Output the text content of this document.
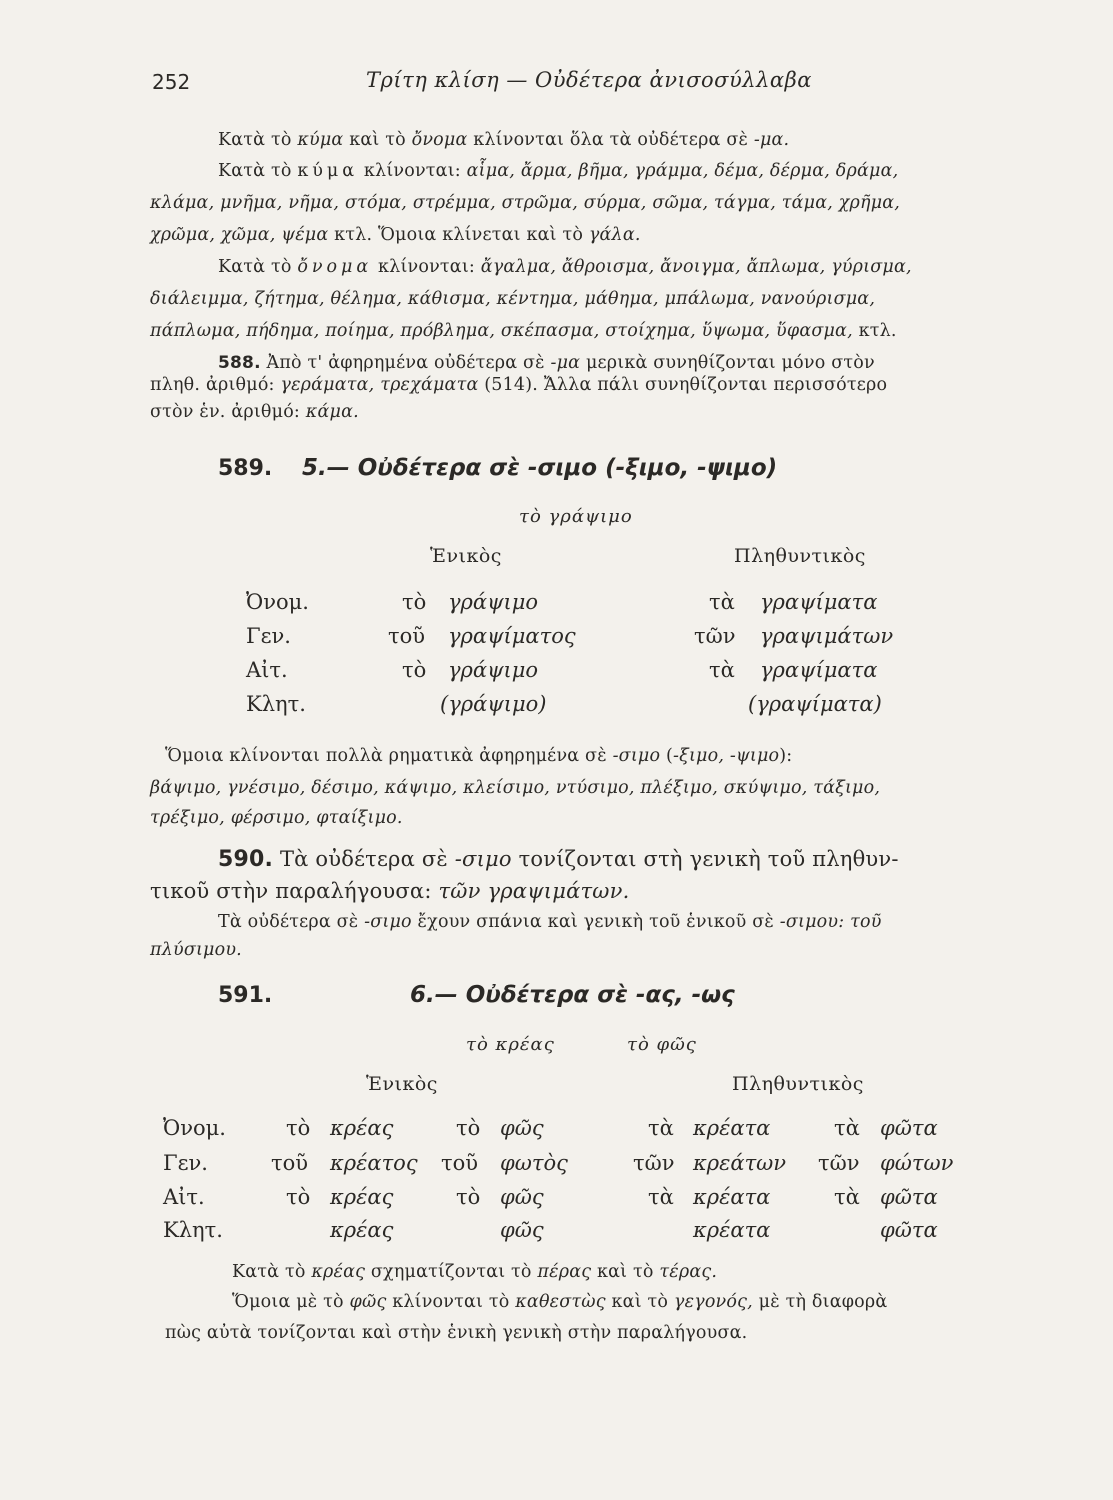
252	Τρίτη κλίση — Οὐδέτερα ἀνισοσύλλαβα
Κατὰ τὸ κύμα καὶ τὸ ὄνομα κλίνονται ὅλα τὰ οὐδέτερα σὲ -μα.
Κατὰ τὸ κύμα κλίνονται: αἷμα, ἄρμα, βῆμα, γράμμα, δέμα, δέρμα, δράμα,
κλάμα, μνῆμα, νῆμα, στόμα, στρέμμα, στρῶμα, σύρμα, σῶμα, τάγμα, τάμα, χρῆμα,
χρῶμα, χῶμα, ψέμα κτλ. Ὅμοια κλίνεται καὶ τὸ γάλα.
Κατὰ τὸ ὄνομα κλίνονται: ἄγαλμα, ἄθροισμα, ἄνοιγμα, ἄπλωμα, γύρισμα,
διάλειμμα, ζήτημα, θέλημα, κάθισμα, κέντημα, μάθημα, μπάλωμα, νανούρισμα,
πάπλωμα, πήδημα, ποίημα, πρόβλημα, σκέπασμα, στοίχημα, ὕψωμα, ὕφασμα, κτλ.
588. Ἀπὸ τ' ἀφηρημένα οὐδέτερα σὲ -μα μερικὰ συνηθίζονται μόνο στὸν
πληθ. ἀριθμό: γεράματα, τρεχάματα (514). Ἄλλα πάλι συνηθίζονται περισσότερο
στὸν ἑν. ἀριθμό: κάμα.
589. 5.— Οὐδέτερα σὲ -σιμο (-ξιμο, -ψιμο)
τὸ γράψιμο
Ἑνικὸς	Πληθυντικὸς
Ὀνομ.	τὸ γράψιμο	τὰ γραψίματα
Γεν.	τοῦ γραψίματος	τῶν γραψιμάτων
Αἰτ.	τὸ γράψιμο	τὰ γραψίματα
Κλητ.	(γράψιμο)	(γραψίματα)
Ὅμοια κλίνονται πολλὰ ρηματικὰ ἀφηρημένα σὲ -σιμο (-ξιμο, -ψιμο):
βάψιμο, γνέσιμο, δέσιμο, κάψιμο, κλείσιμο, ντύσιμο, πλέξιμο, σκύψιμο, τάξιμο,
τρέξιμο, φέρσιμο, φταίξιμο.
590. Τὰ οὐδέτερα σὲ -σιμο τονίζονται στὴ γενικὴ τοῦ πληθυν-
τικοῦ στὴν παραλήγουσα: τῶν γραψιμάτων.
Τὰ οὐδέτερα σὲ -σιμο ἔχουν σπάνια καὶ γενικὴ τοῦ ἑνικοῦ σὲ -σιμου: τοῦ
πλύσιμου.
591.	6.— Οὐδέτερα σὲ -ας, -ως
τὸ κρέας	τὸ φῶς
Ἑνικὸς	Πληθυντικὸς
Ὀνομ.	τὸ κρέας	τὸ φῶς	τὰ κρέατα	τὰ φῶτα
Γεν.	τοῦ κρέατος τοῦ φωτὸς	τῶν κρεάτων τῶν φώτων
Αἰτ.	τὸ κρέας	τὸ φῶς	τὰ κρέατα	τὰ φῶτα
Κλητ.	κρέας	φῶς	κρέατα	φῶτα
Κατὰ τὸ κρέας σχηματίζονται τὸ πέρας καὶ τὸ τέρας.
Ὅμοια μὲ τὸ φῶς κλίνονται τὸ καθεστὼς καὶ τὸ γεγονός, μὲ τὴ διαφορὰ
πὼς αὐτὰ τονίζονται καὶ στὴν ἑνικὴ γενικὴ στὴν παραλήγουσα.
